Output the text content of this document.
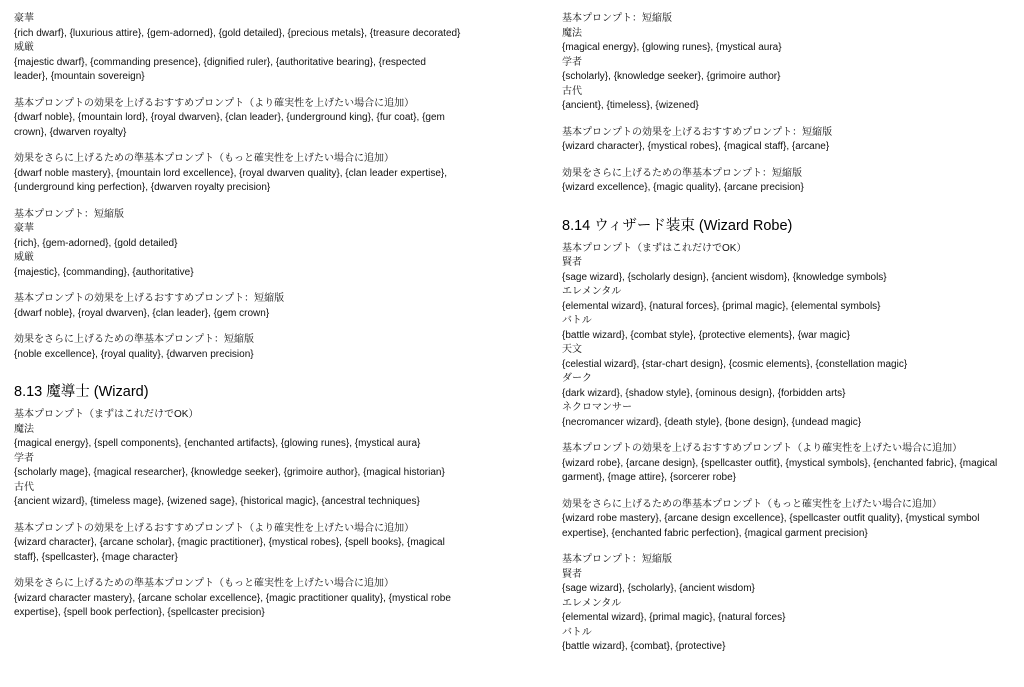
豪華
{rich dwarf}, {luxurious attire}, {gem-adorned}, {gold detailed}, {precious metals}, {treasure decorated}
威厳
{majestic dwarf}, {commanding presence}, {dignified ruler}, {authoritative bearing}, {respected leader}, {mountain sovereign}
基本プロンプトの効果を上げるおすすめプロンプト（より確実性を上げたい場合に追加）
{dwarf noble}, {mountain lord}, {royal dwarven}, {clan leader}, {underground king}, {fur coat}, {gem crown}, {dwarven royalty}
効果をさらに上げるための準基本プロンプト（もっと確実性を上げたい場合に追加）
{dwarf noble mastery}, {mountain lord excellence}, {royal dwarven quality}, {clan leader expertise}, {underground king perfection}, {dwarven royalty precision}
基本プロンプト：短縮版
豪華
{rich}, {gem-adorned}, {gold detailed}
威厳
{majestic}, {commanding}, {authoritative}
基本プロンプトの効果を上げるおすすめプロンプト：短縮版
{dwarf noble}, {royal dwarven}, {clan leader}, {gem crown}
効果をさらに上げるための準基本プロンプト：短縮版
{noble excellence}, {royal quality}, {dwarven precision}
8.13 魔導士 (Wizard)
基本プロンプト（まずはこれだけでOK）
魔法
{magical energy}, {spell components}, {enchanted artifacts}, {glowing runes}, {mystical aura}
学者
{scholarly mage}, {magical researcher}, {knowledge seeker}, {grimoire author}, {magical historian}
古代
{ancient wizard}, {timeless mage}, {wizened sage}, {historical magic}, {ancestral techniques}
基本プロンプトの効果を上げるおすすめプロンプト（より確実性を上げたい場合に追加）
{wizard character}, {arcane scholar}, {magic practitioner}, {mystical robes}, {spell books}, {magical staff}, {spellcaster}, {mage character}
効果をさらに上げるための準基本プロンプト（もっと確実性を上げたい場合に追加）
{wizard character mastery}, {arcane scholar excellence}, {magic practitioner quality}, {mystical robe expertise}, {spell book perfection}, {spellcaster precision}
基本プロンプト：短縮版
魔法
{magical energy}, {glowing runes}, {mystical aura}
学者
{scholarly}, {knowledge seeker}, {grimoire author}
古代
{ancient}, {timeless}, {wizened}
基本プロンプトの効果を上げるおすすめプロンプト：短縮版
{wizard character}, {mystical robes}, {magical staff}, {arcane}
効果をさらに上げるための準基本プロンプト：短縮版
{wizard excellence}, {magic quality}, {arcane precision}
8.14 ウィザード装束 (Wizard Robe)
基本プロンプト（まずはこれだけでOK）
賢者
{sage wizard}, {scholarly design}, {ancient wisdom}, {knowledge symbols}
エレメンタル
{elemental wizard}, {natural forces}, {primal magic}, {elemental symbols}
バトル
{battle wizard}, {combat style}, {protective elements}, {war magic}
天文
{celestial wizard}, {star-chart design}, {cosmic elements}, {constellation magic}
ダーク
{dark wizard}, {shadow style}, {ominous design}, {forbidden arts}
ネクロマンサー
{necromancer wizard}, {death style}, {bone design}, {undead magic}
基本プロンプトの効果を上げるおすすめプロンプト（より確実性を上げたい場合に追加）
{wizard robe}, {arcane design}, {spellcaster outfit}, {mystical symbols}, {enchanted fabric}, {magical garment}, {mage attire}, {sorcerer robe}
効果をさらに上げるための準基本プロンプト（もっと確実性を上げたい場合に追加）
{wizard robe mastery}, {arcane design excellence}, {spellcaster outfit quality}, {mystical symbol expertise}, {enchanted fabric perfection}, {magical garment precision}
基本プロンプト：短縮版
賢者
{sage wizard}, {scholarly}, {ancient wisdom}
エレメンタル
{elemental wizard}, {primal magic}, {natural forces}
バトル
{battle wizard}, {combat}, {protective}
